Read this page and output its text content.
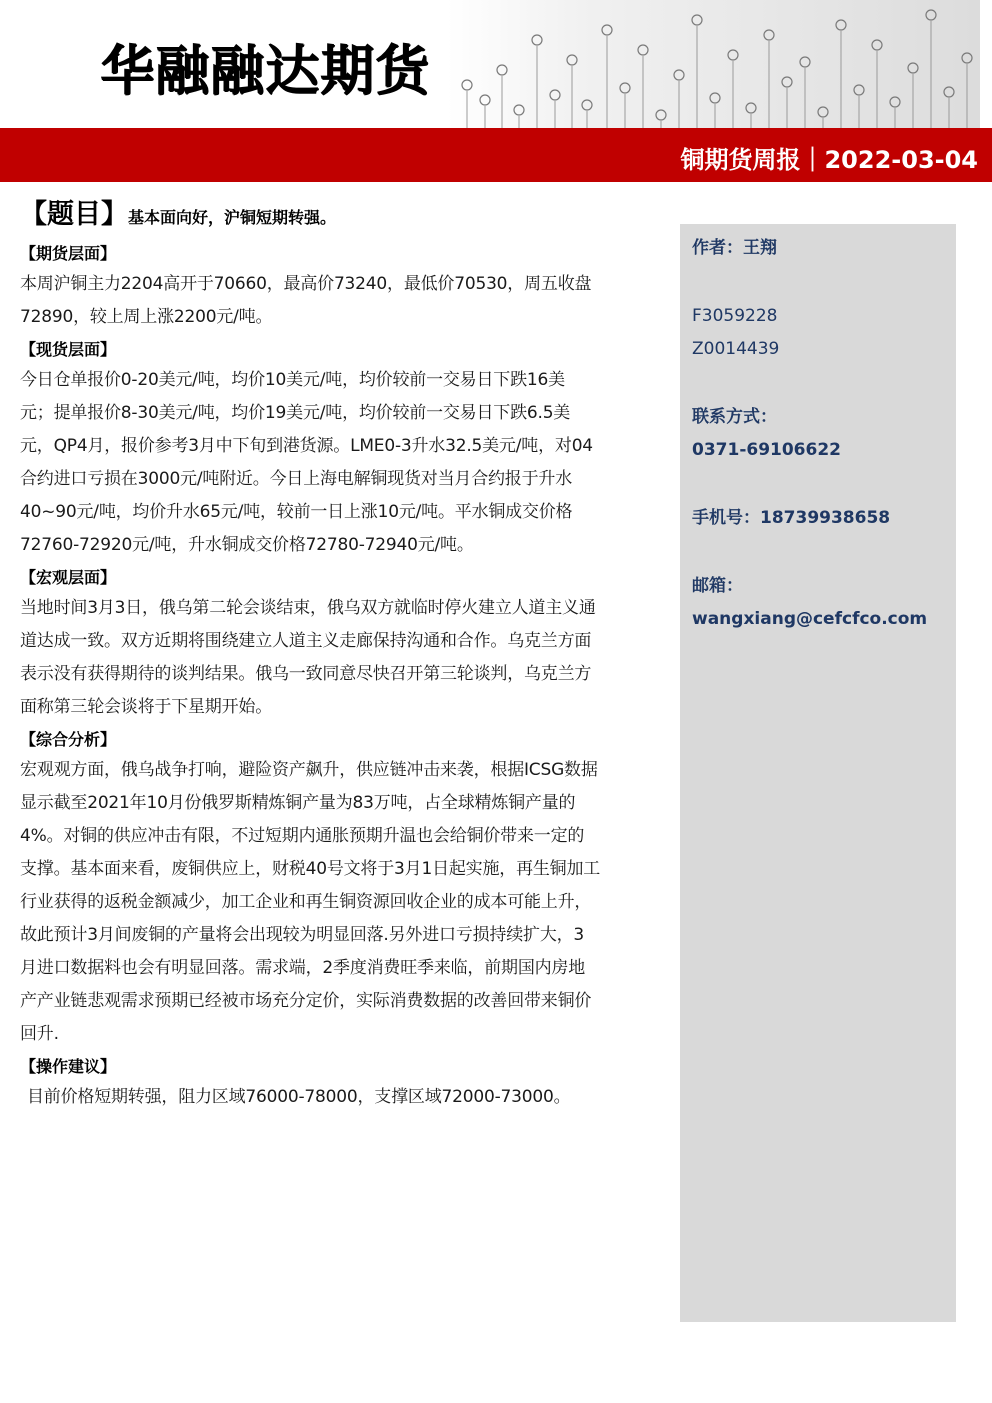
华融融达期货
铜期货周报｜2022-03-04
【题目】基本面向好，沪铜短期转强。
【期货层面】
本周沪铜主力2204高开于70660，最高价73240，最低价70530，周五收盘
72890，较上周上涨2200元/吨。
【现货层面】
今日仓单报价0-20美元/吨，均价10美元/吨，均价较前一交易日下跌16美
元；提单报价8-30美元/吨，均价19美元/吨，均价较前一交易日下跌6.5美
元，QP4月，报价参考3月中下旬到港货源。LME0-3升水32.5美元/吨，对04
合约进口亏损在3000元/吨附近。今日上海电解铜现货对当月合约报于升水
40~90元/吨，均价升水65元/吨，较前一日上涨10元/吨。平水铜成交价格
72760-72920元/吨，升水铜成交价格72780-72940元/吨。
【宏观层面】
当地时间3月3日，俄乌第二轮会谈结束，俄乌双方就临时停火建立人道主义通
道达成一致。双方近期将围绕建立人道主义走廊保持沟通和合作。乌克兰方面
表示没有获得期待的谈判结果。俄乌一致同意尽快召开第三轮谈判，乌克兰方
面称第三轮会谈将于下星期开始。
【综合分析】
宏观观方面，俄乌战争打响，避险资产飙升，供应链冲击来袭，根据ICSG数据
显示截至2021年10月份俄罗斯精炼铜产量为83万吨，占全球精炼铜产量的
4%。对铜的供应冲击有限，不过短期内通胀预期升温也会给铜价带来一定的
支撑。基本面来看，废铜供应上，财税40号文将于3月1日起实施，再生铜加工
行业获得的返税金额减少，加工企业和再生铜资源回收企业的成本可能上升，
故此预计3月间废铜的产量将会出现较为明显回落.另外进口亏损持续扩大，3
月进口数据料也会有明显回落。需求端，2季度消费旺季来临，前期国内房地
产产业链悲观需求预期已经被市场充分定价，实际消费数据的改善回带来铜价
回升.
【操作建议】
目前价格短期转强，阻力区域76000-78000，支撑区域72000-73000。
作者：王翔
F3059228
Z0014439
联系方式：
0371-69106622
手机号：18739938658
邮箱：
wangxiang@cefcfco.com
